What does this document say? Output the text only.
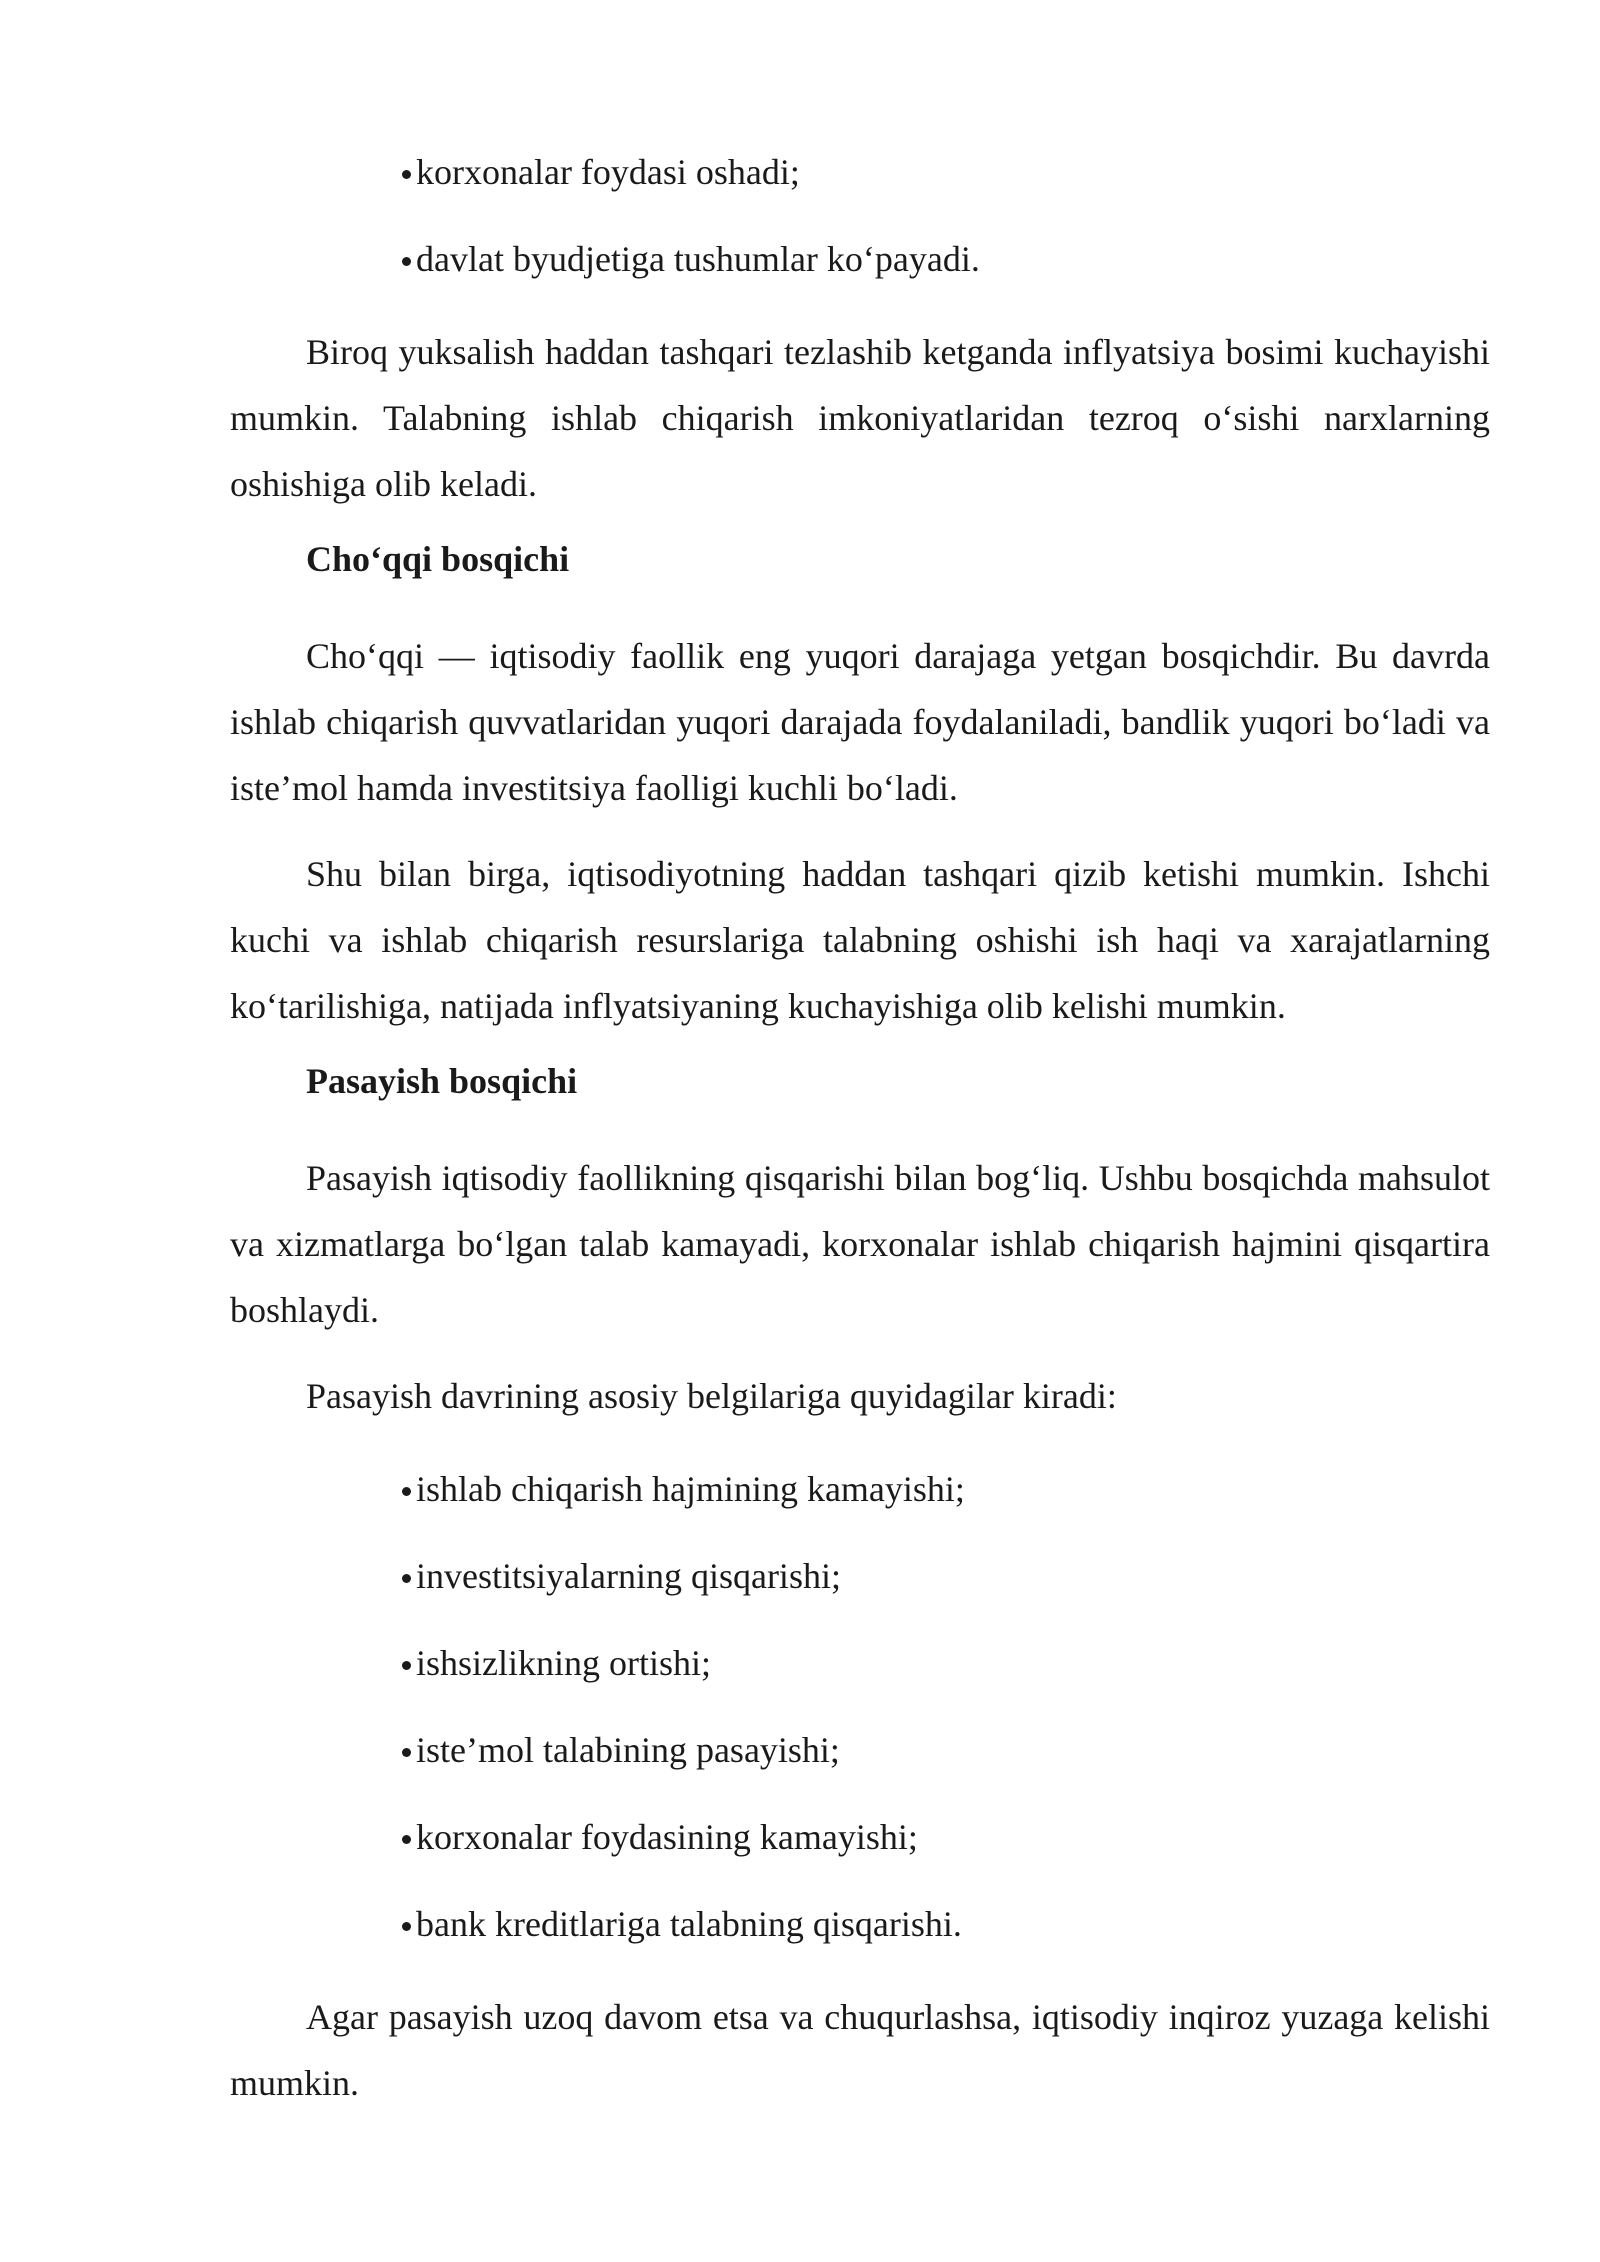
korxonalar foydasi oshadi;
davlat byudjetiga tushumlar ko‘payadi.

Biroq yuksalish haddan tashqari tezlashib ketganda inflyatsiya bosimi kuchayishi mumkin. Talabning ishlab chiqarish imkoniyatlaridan tezroq o‘sishi narxlarning oshishiga olib keladi.

Cho‘qqi bosqichi

Cho‘qqi — iqtisodiy faollik eng yuqori darajaga yetgan bosqichdir. Bu davrda ishlab chiqarish quvvatlaridan yuqori darajada foydalaniladi, bandlik yuqori bo‘ladi va iste’mol hamda investitsiya faolligi kuchli bo‘ladi.

Shu bilan birga, iqtisodiyotning haddan tashqari qizib ketishi mumkin. Ishchi kuchi va ishlab chiqarish resurslariga talabning oshishi ish haqi va xarajatlarning ko‘tarilishiga, natijada inflyatsiyaning kuchayishiga olib kelishi mumkin.

Pasayish bosqichi

Pasayish iqtisodiy faollikning qisqarishi bilan bog‘liq. Ushbu bosqichda mahsulot va xizmatlarga bo‘lgan talab kamayadi, korxonalar ishlab chiqarish hajmini qisqartira boshlaydi.

Pasayish davrining asosiy belgilariga quyidagilar kiradi:

ishlab chiqarish hajmining kamayishi;
investitsiyalarning qisqarishi;
ishsizlikning ortishi;
iste’mol talabining pasayishi;
korxonalar foydasining kamayishi;
bank kreditlariga talabning qisqarishi.

Agar pasayish uzoq davom etsa va chuqurlashsa, iqtisodiy inqiroz yuzaga kelishi mumkin.
